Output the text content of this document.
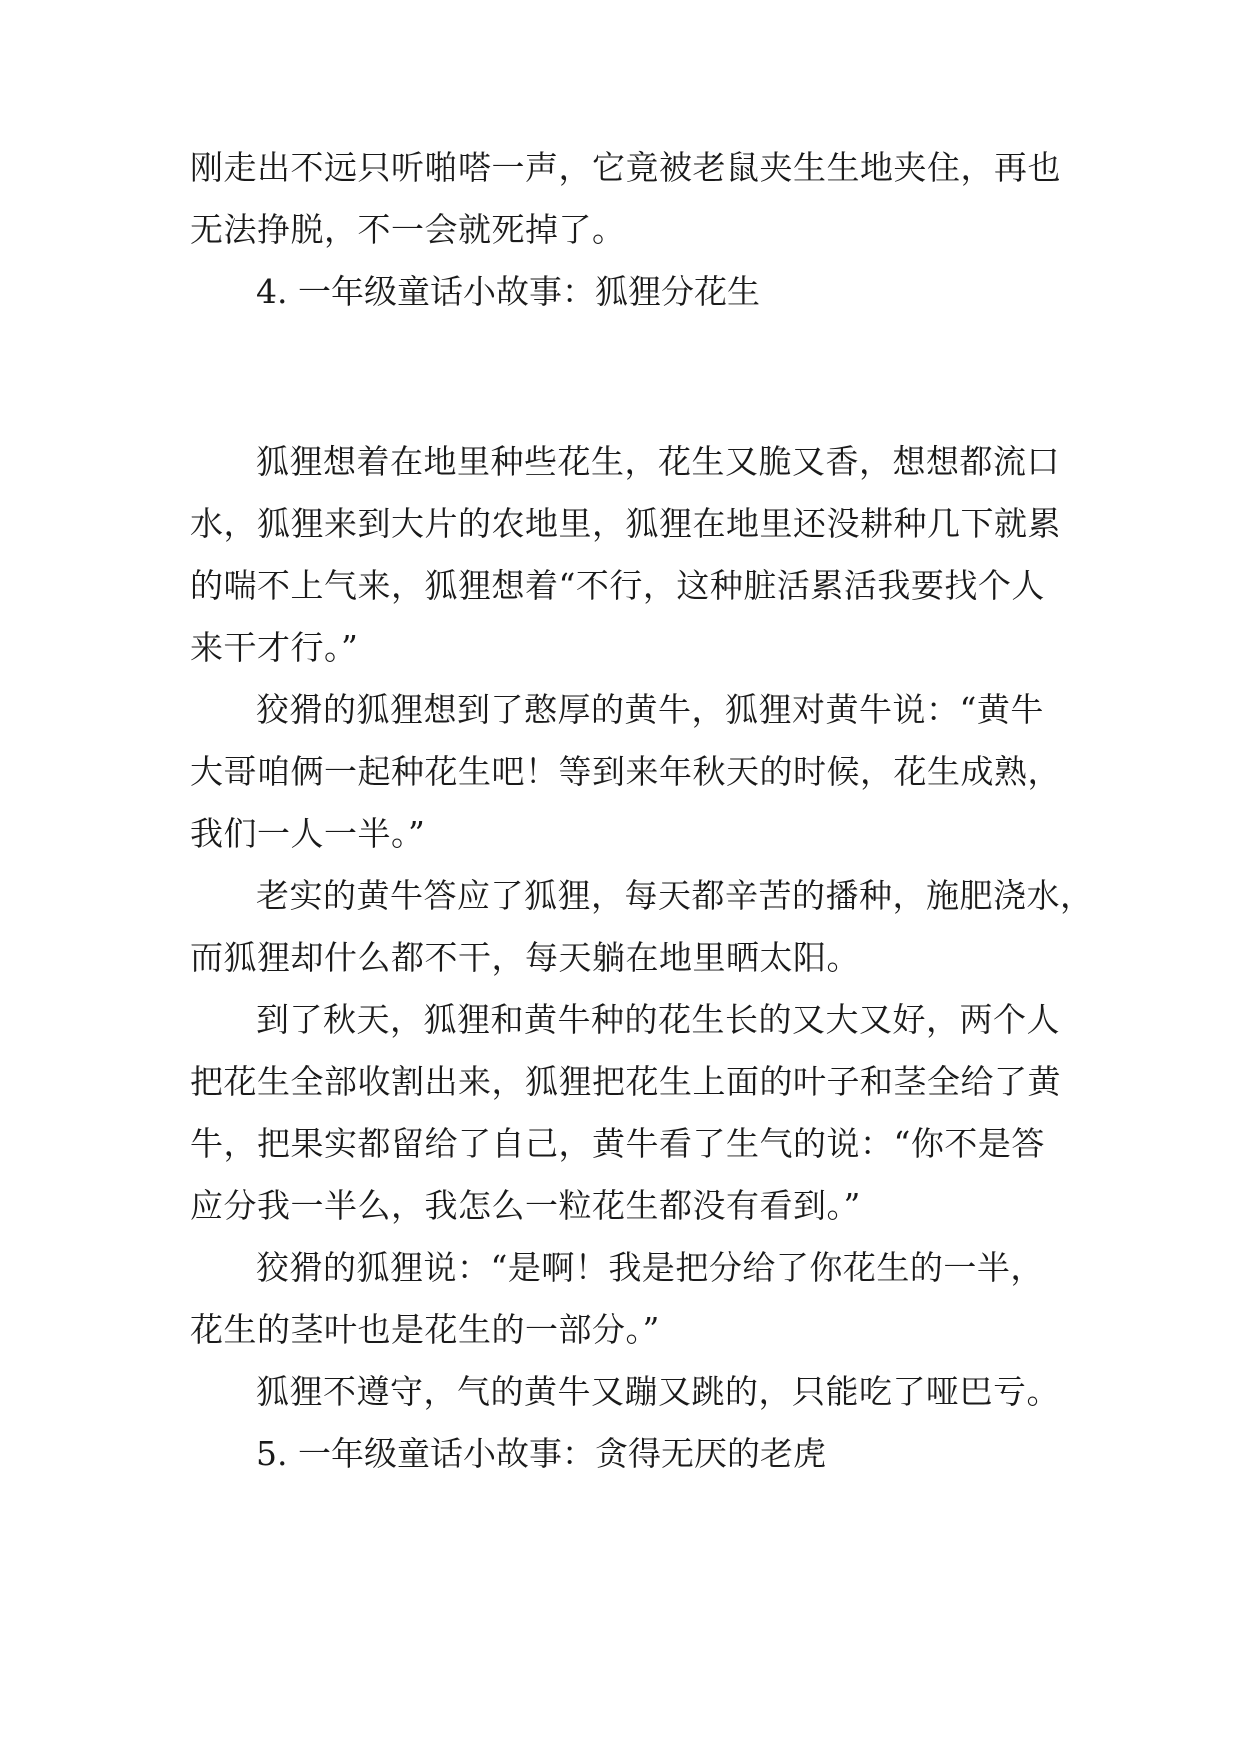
刚走出不远只听啪嗒一声，它竟被老鼠夹生生地夹住，再也
无法挣脱，不一会就死掉了。

4. 一年级童话小故事：狐狸分花生

狐狸想着在地里种些花生，花生又脆又香，想想都流口
水，狐狸来到大片的农地里，狐狸在地里还没耕种几下就累
的喘不上气来，狐狸想着“不行，这种脏活累活我要找个人
来干才行。”
狡猾的狐狸想到了憨厚的黄牛，狐狸对黄牛说：“黄牛
大哥咱俩一起种花生吧！等到来年秋天的时候，花生成熟，
我们一人一半。”
老实的黄牛答应了狐狸，每天都辛苦的播种，施肥浇水，
而狐狸却什么都不干，每天躺在地里晒太阳。
到了秋天，狐狸和黄牛种的花生长的又大又好，两个人
把花生全部收割出来，狐狸把花生上面的叶子和茎全给了黄
牛，把果实都留给了自己，黄牛看了生气的说：“你不是答
应分我一半么，我怎么一粒花生都没有看到。”
狡猾的狐狸说：“是啊！我是把分给了你花生的一半，
花生的茎叶也是花生的一部分。”
狐狸不遵守，气的黄牛又蹦又跳的，只能吃了哑巴亏。

5. 一年级童话小故事：贪得无厌的老虎
